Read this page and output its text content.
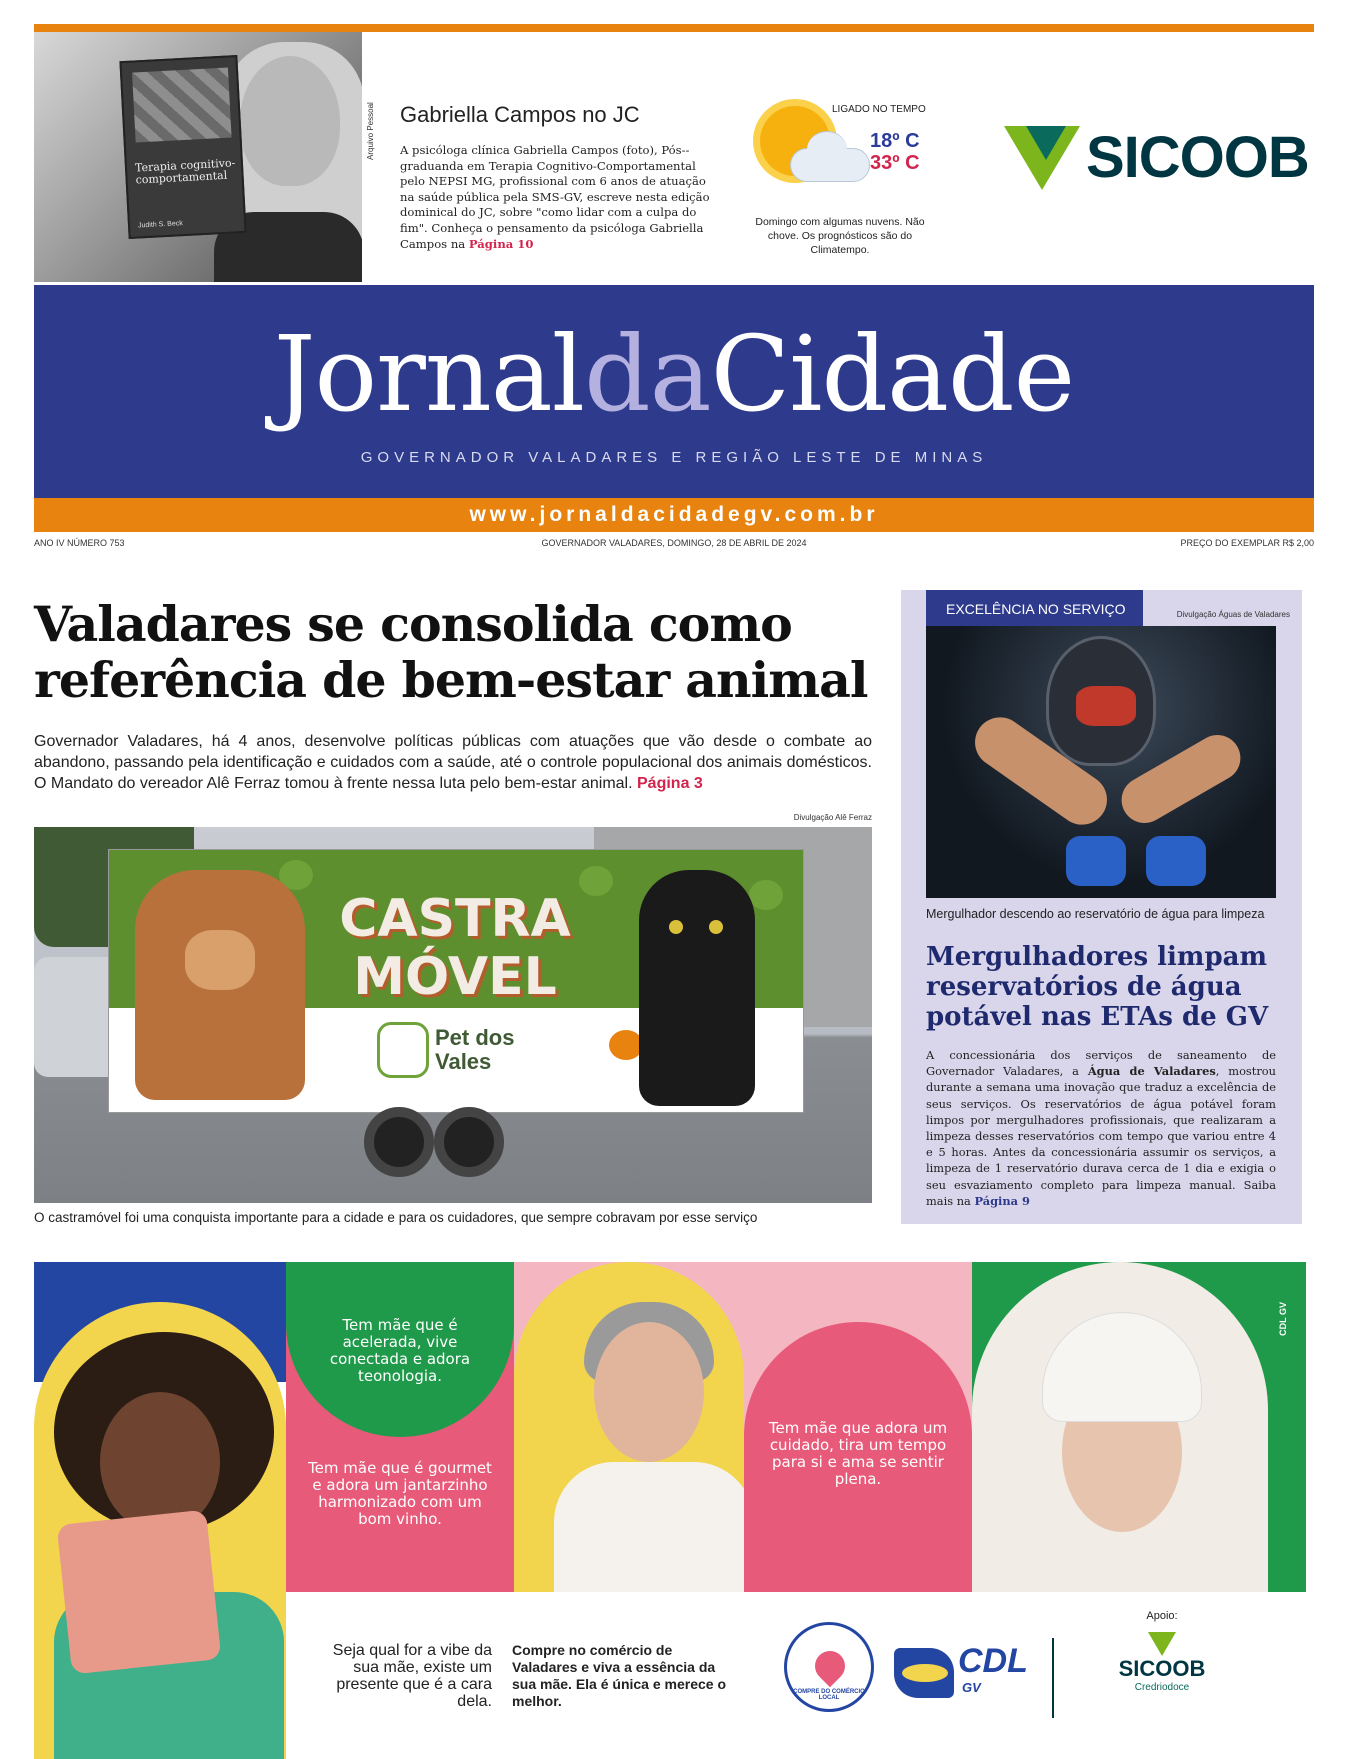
Terapia cognitivo-comportamental
Judith S. Beck
Arquivo Pessoal Gabriella Campos no JC
A psicóloga clínica Gabriella Campos (foto), Pós--graduanda em Terapia Cognitivo-Comportamental pelo NEPSI MG, profissional com 6 anos de atuação na saúde pública pela SMS-GV, escreve nesta edição dominical do JC, sobre "como lidar com a culpa do fim". Conheça o pensamento da psicóloga Gabriella Campos na Página 10
LIGADO NO TEMPO
18º C
33º C
Domingo com algumas nuvens. Não chove. Os prognósticos são do Climatempo.
SICOOB
JornaldaCidade
GOVERNADOR VALADARES E REGIÃO LESTE DE MINAS
www.jornaldacidadegv.com.br
ANO IV NÚMERO 753	GOVERNADOR VALADARES, DOMINGO, 28 DE ABRIL DE 2024	PREÇO DO EXEMPLAR R$ 2,00
Valadares se consolida como referência de bem-estar animal

Governador Valadares, há 4 anos, desenvolve políticas públicas com atuações que vão desde o combate ao abandono, passando pela identificação e cuidados com a saúde, até o controle populacional dos animais domésticos. O Mandato do vereador Alê Ferraz tomou à frente nessa luta pelo bem-estar animal. Página 3

Divulgação Alê Ferraz
CASTRA MÓVEL
Pet dos Vales
O castramóvel foi uma conquista importante para a cidade e para os cuidadores, que sempre cobravam por esse serviço
EXCELÊNCIA NO SERVIÇO	Divulgação Águas de Valadares
Mergulhador descendo ao reservatório de água para limpeza
Mergulhadores limpam reservatórios de água potável nas ETAs de GV

A concessionária dos serviços de saneamento de Governador Valadares, a Água de Valadares, mostrou durante a semana uma inovação que traduz a excelência de seus serviços. Os reservatórios de água potável foram limpos por mergulhadores profissionais, que realizaram a limpeza desses reservatórios com tempo que variou entre 4 e 5 horas. Antes da concessionária assumir os serviços, a limpeza de 1 reservatório durava cerca de 1 dia e exigia o seu esvaziamento completo para limpeza manual. Saiba mais na Página 9

CDL GV
Tem mãe que é acelerada, vive conectada e adora teonologia.
Tem mãe que é gourmet e adora um jantarzinho harmonizado com um bom vinho.
Tem mãe que adora um cuidado, tira um tempo para si e ama se sentir plena.
Seja qual for a vibe da sua mãe, existe um presente que é a cara dela.
Compre no comércio de Valadares e viva a essência da sua mãe. Ela é única e merece o melhor.
COMPRE DO COMÉRCIO LOCAL
CDL
GV
Apoio:
SICOOB
Credriodoce
